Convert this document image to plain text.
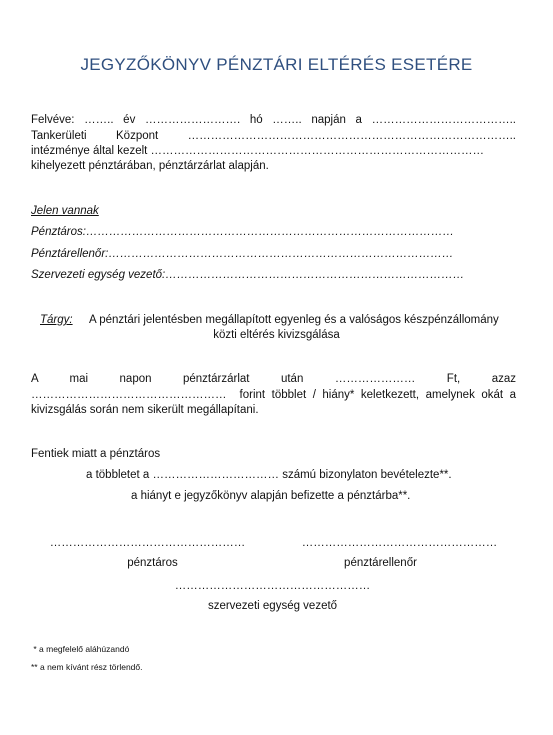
JEGYZŐKÖNYV PÉNZTÁRI ELTÉRÉS ESETÉRE
Felvéve:  ……..  év  …………………….  hó  ……..  napján  a  ………………………………..
Tankerületi  Központ  …………………………………………………………………………..
intézménye által kezelt ……………………………………………………………………………
kihelyezett pénztárában, pénztárzárlat alapján.
Jelen vannak
Pénztáros:……………………………………………………………………………………
Pénztárellenőr:………………………………………………………………………………
Szervezeti egység vezető:……………………………………………………………………
Tárgy: A pénztári jelentésben megállapított egyenleg és a valóságos készpénzállomány
közti eltérés kivizsgálása
A      mai      napon      pénztárzárlat      után      …………………      Ft,      azaz
……………………………………………  forint többlet / hiány* keletkezett, amelynek okát a
kivizsgálás során nem sikerült megállapítani.
Fentiek miatt a pénztáros
a többletet a …………………………… számú bizonylaton bevételezte**.
a hiányt e jegyzőkönyv alapján befizette a pénztárba**.
……………………………………………	……………………………………………
pénztáros	pénztárellenőr
……………………………………………
szervezeti egység vezető
* a megfelelő aláhúzandó
** a nem kívánt rész törlendő.
